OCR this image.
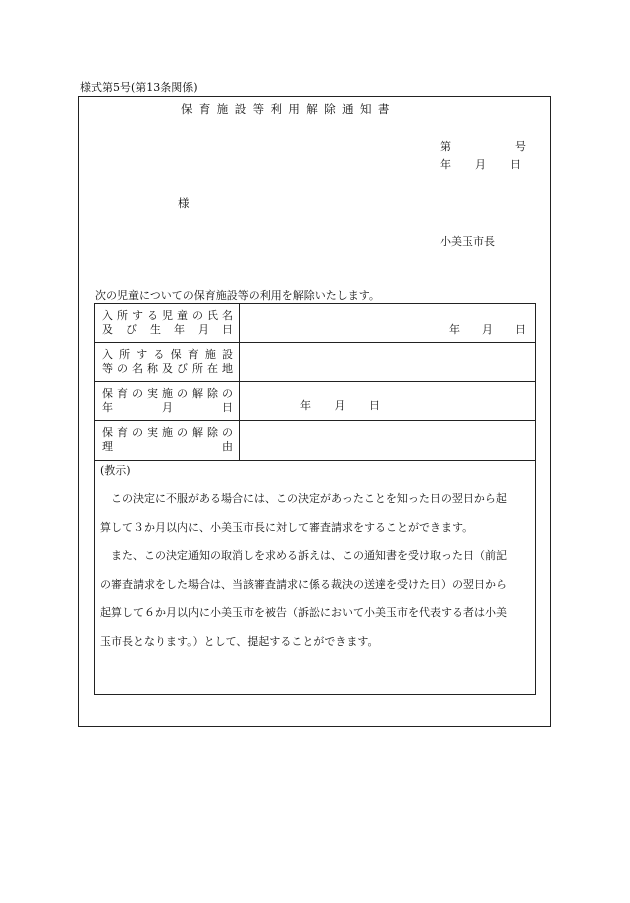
様式第5号(第13条関係)
保育施設等利用解除通知書
第	号
年 月 日
様
小美玉市長
次の児童についての保育施設等の利用を解除いたします。
入所する児童の氏名
及び生年月日	年 月 日
入所する保育施設
等の名称及び所在地
保育の実施の解除の
年月日	年 月 日
保育の実施の解除の
理由
(教示)

　この決定に不服がある場合には、この決定があったことを知った日の翌日から起

算して３か月以内に、小美玉市長に対して審査請求をすることができます。

　また、この決定通知の取消しを求める訴えは、この通知書を受け取った日（前記

の審査請求をした場合は、当該審査請求に係る裁決の送達を受けた日）の翌日から

起算して６か月以内に小美玉市を被告（訴訟において小美玉市を代表する者は小美

玉市長となります。）として、提起することができます。
